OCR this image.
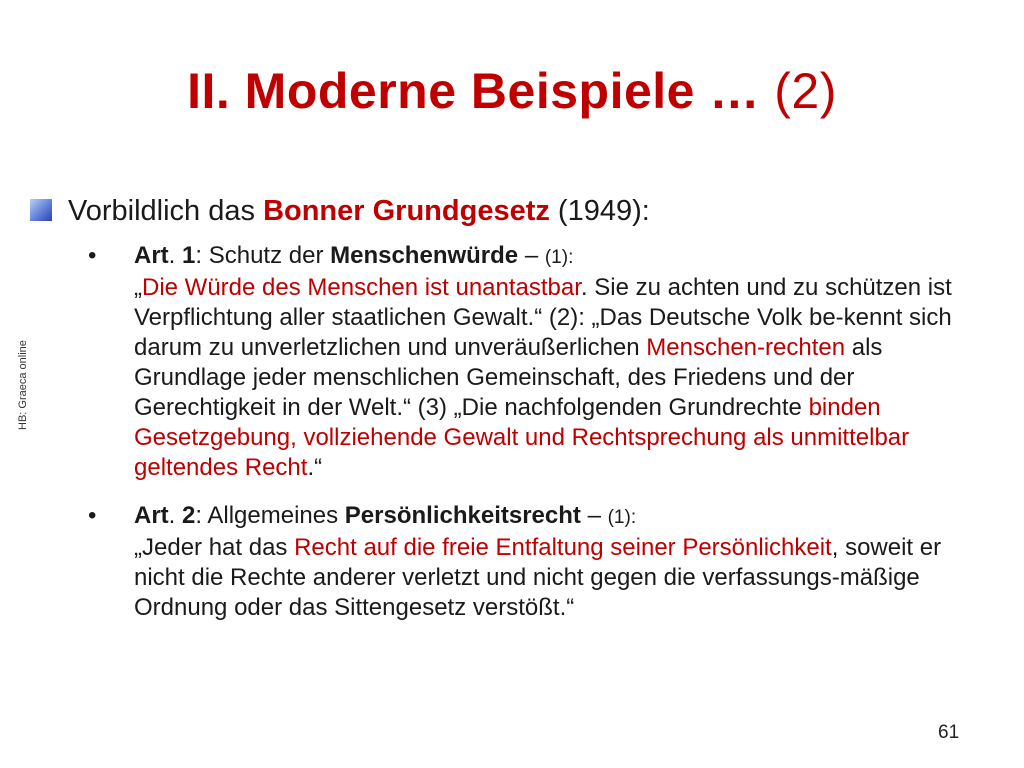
II. Moderne Beispiele … (2)
HB: Graeca online
Vorbildlich das Bonner Grundgesetz (1949):
• Art. 1: Schutz der Menschenwürde – (1):
„Die Würde des Menschen ist unantastbar. Sie zu achten und zu schützen ist Verpflichtung aller staatlichen Gewalt.“ (2): „Das Deutsche Volk be-kennt sich darum zu unverletzlichen und unveräußerlichen Menschen-rechten als Grundlage jeder menschlichen Gemeinschaft, des Friedens und der Gerechtigkeit in der Welt.“ (3) „Die nachfolgenden Grundrechte binden Gesetzgebung, vollziehende Gewalt und Rechtsprechung als unmittelbar geltendes Recht.“
• Art. 2: Allgemeines Persönlichkeitsrecht – (1):
„Jeder hat das Recht auf die freie Entfaltung seiner Persönlichkeit, soweit er nicht die Rechte anderer verletzt und nicht gegen die verfassungs-mäßige Ordnung oder das Sittengesetz verstößt.“
61
